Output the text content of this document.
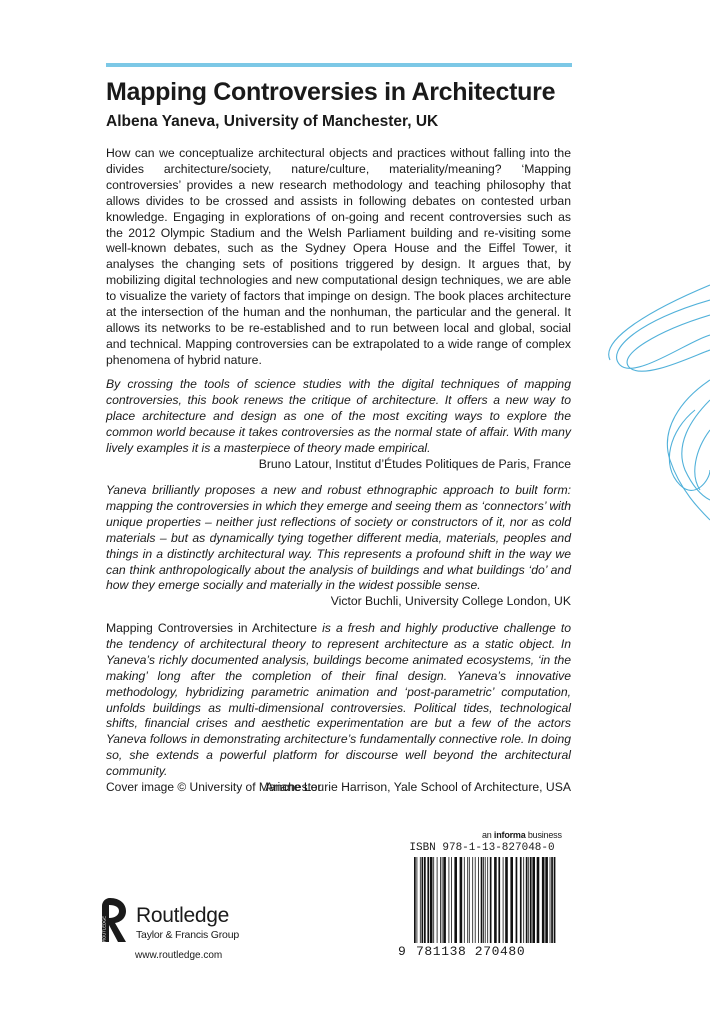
Mapping Controversies in Architecture
Albena Yaneva, University of Manchester, UK

How can we conceptualize architectural objects and practices without falling into the divides architecture/society, nature/culture, materiality/meaning? ‘Mapping controversies’ provides a new research methodology and teaching philosophy that allows divides to be crossed and assists in following debates on contested urban knowledge. Engaging in explorations of on-going and recent controversies such as the 2012 Olympic Stadium and the Welsh Parliament building and re-visiting some well-known debates, such as the Sydney Opera House and the Eiffel Tower, it analyses the changing sets of positions triggered by design. It argues that, by mobilizing digital technologies and new computational design techniques, we are able to visualize the variety of factors that impinge on design. The book places architecture at the intersection of the human and the nonhuman, the particular and the general. It allows its networks to be re-established and to run between local and global, social and technical. Mapping controversies can be extrapolated to a wide range of complex phenomena of hybrid nature.

By crossing the tools of science studies with the digital techniques of mapping controversies, this book renews the critique of architecture. It offers a new way to place architecture and design as one of the most exciting ways to explore the common world because it takes controversies as the normal state of affair. With many lively examples it is a masterpiece of theory made empirical.
Bruno Latour, Institut d’Études Politiques de Paris, France
Yaneva brilliantly proposes a new and robust ethnographic approach to built form: mapping the controversies in which they emerge and seeing them as ‘connectors’ with unique properties – neither just reflections of society or constructors of it, nor as cold materials – but as dynamically tying together different media, materials, peoples and things in a distinctly architectural way. This represents a profound shift in the way we can think anthropologically about the analysis of buildings and what buildings ‘do’ and how they emerge socially and materially in the widest possible sense.
Victor Buchli, University College London, UK
Mapping Controversies in Architecture is a fresh and highly productive challenge to the tendency of architectural theory to represent architecture as a static object. In Yaneva’s richly documented analysis, buildings become animated ecosystems, ‘in the making’ long after the completion of their final design. Yaneva’s innovative methodology, hybridizing parametric animation and ‘post-parametric’ computation, unfolds buildings as multi-dimensional controversies. Political tides, technological shifts, financial crises and aesthetic experimentation are but a few of the actors Yaneva follows in demonstrating architecture’s fundamentally connective role. In doing so, she extends a powerful platform for discourse well beyond the architectural community.
Ariane Lourie Harrison, Yale School of Architecture, USA
Cover image © University of Manchester
an informa business
ISBN 978-1-13-827048-0
9 781138 270480
ROUTLEDGE
Routledge
Taylor & Francis Group
www.routledge.com
